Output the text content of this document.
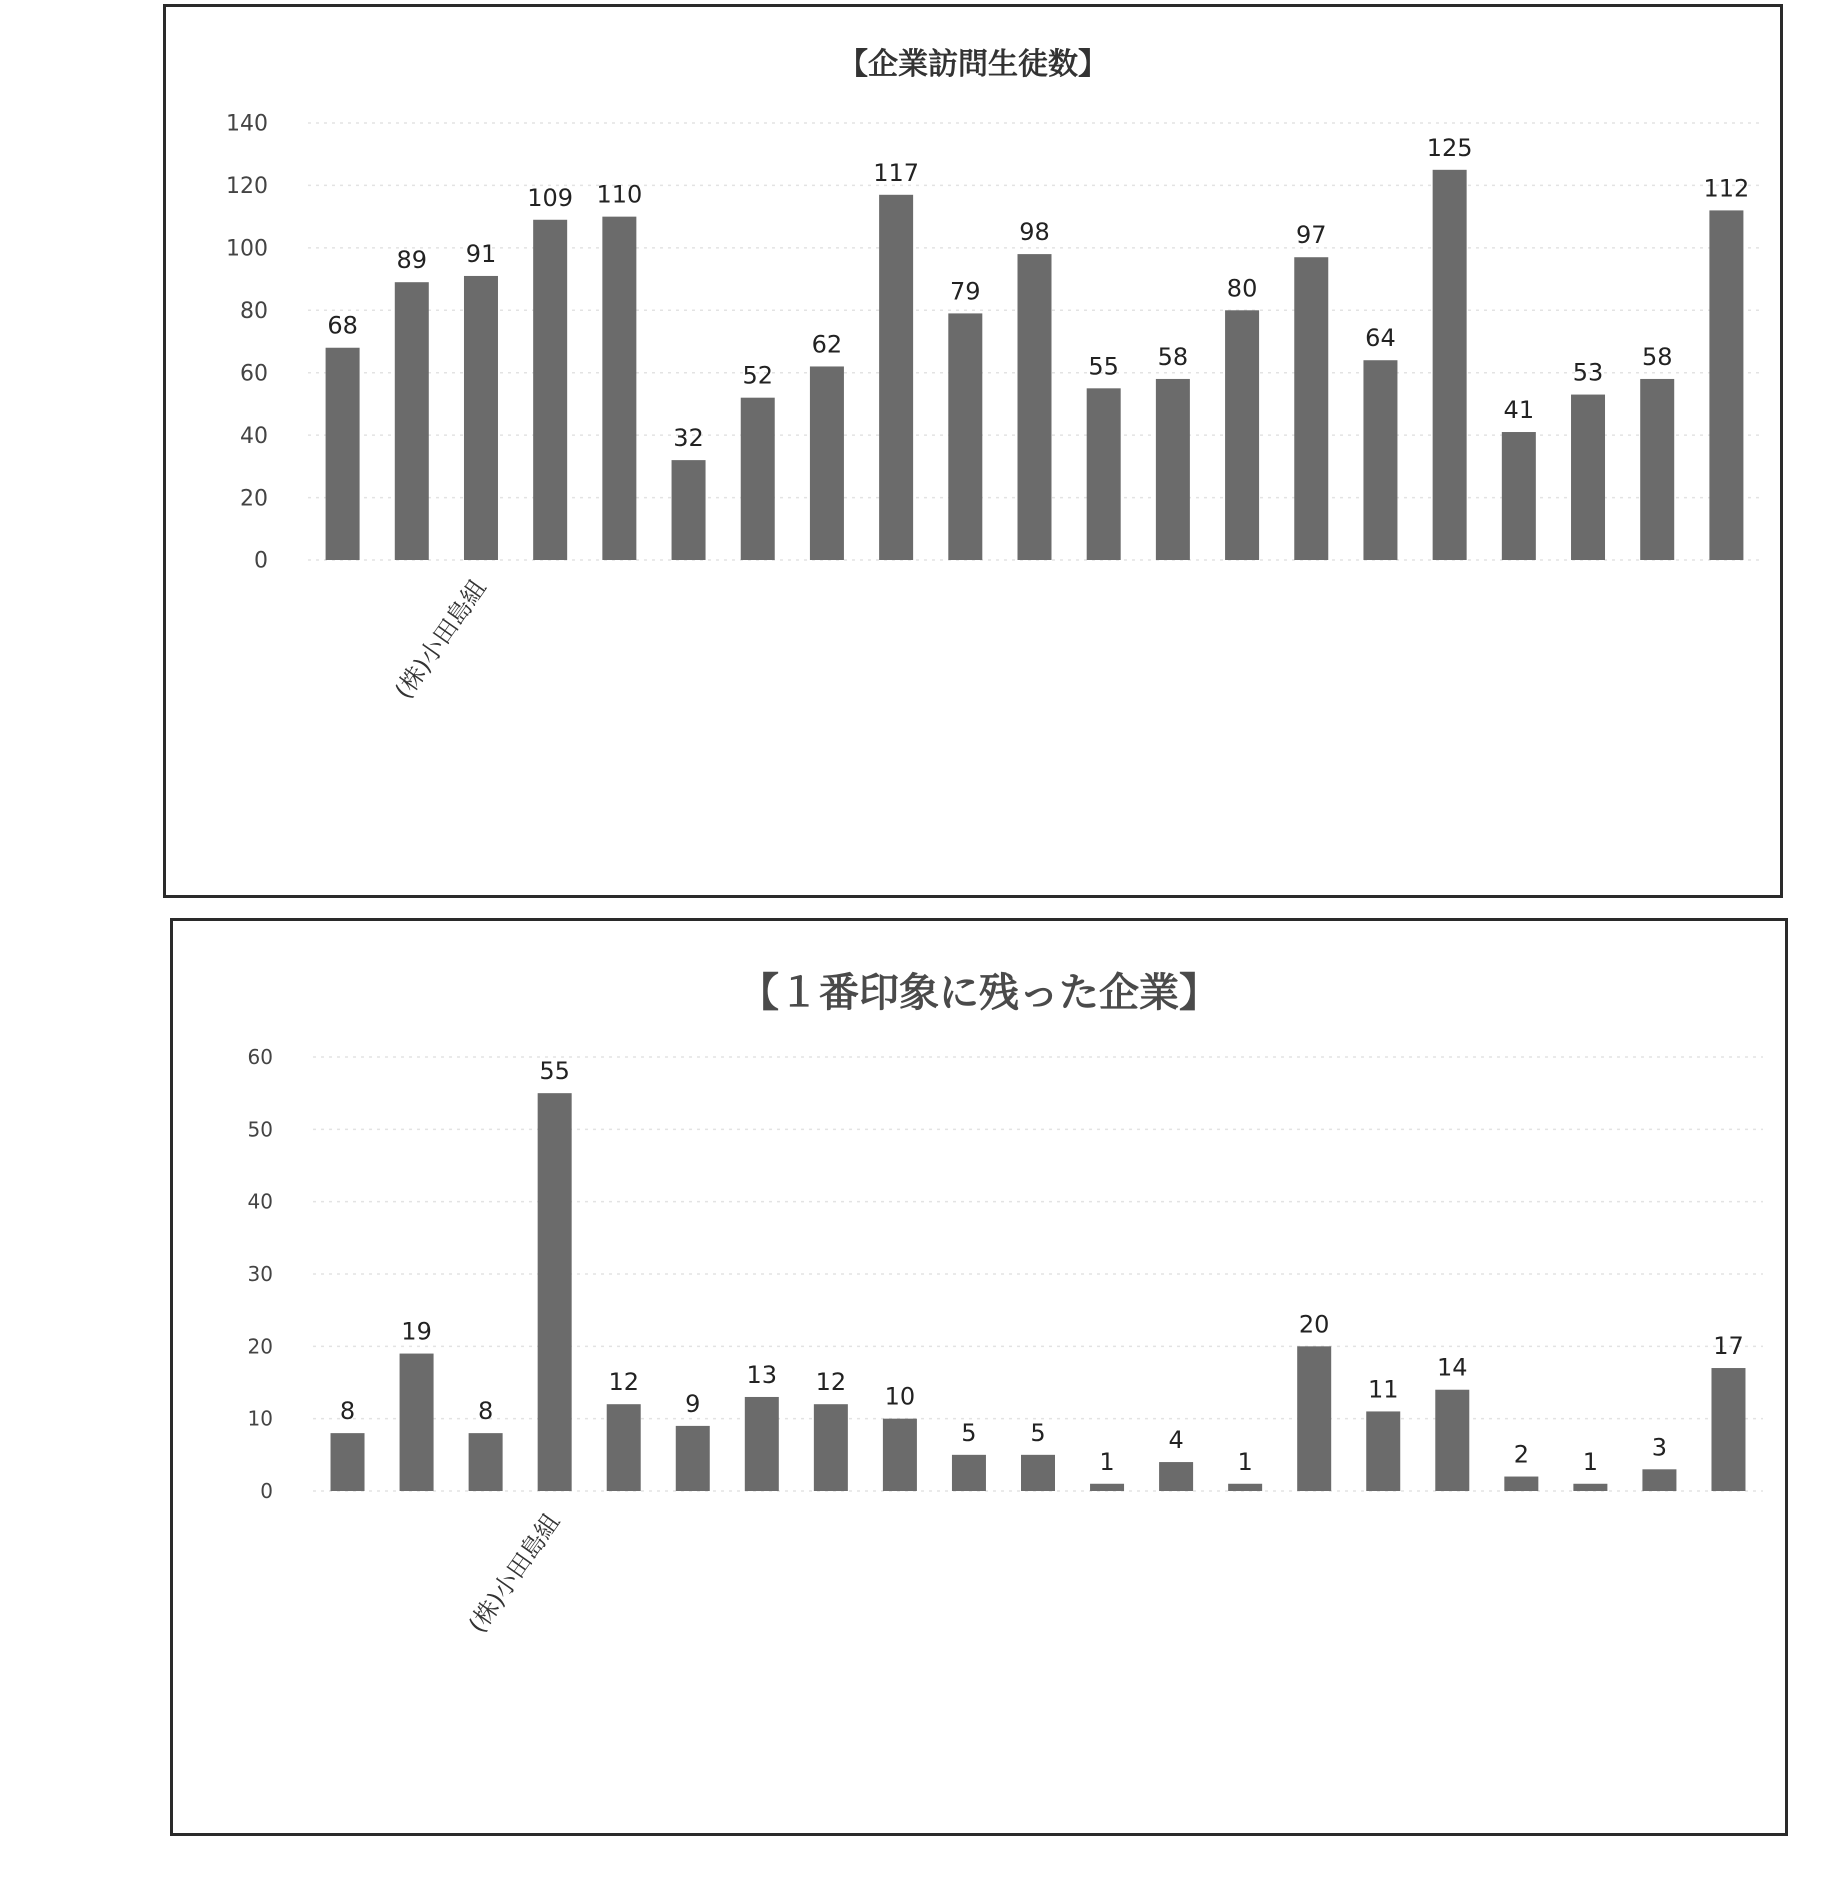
【企業訪問生徒数】
0
20
40
60
80
100
120
140
68
89 91
(株)小田島組
109 110
32
52
62
117
79
98
55 58
80
97
64
125
41
53
58
112
【１番印象に残った企業】
0
10
20
30
40
50
60
8
19
8
55
(株)小田島組
12
9
13 12
10
5 5
1
4
1
20
11
14
2 1
3
17
